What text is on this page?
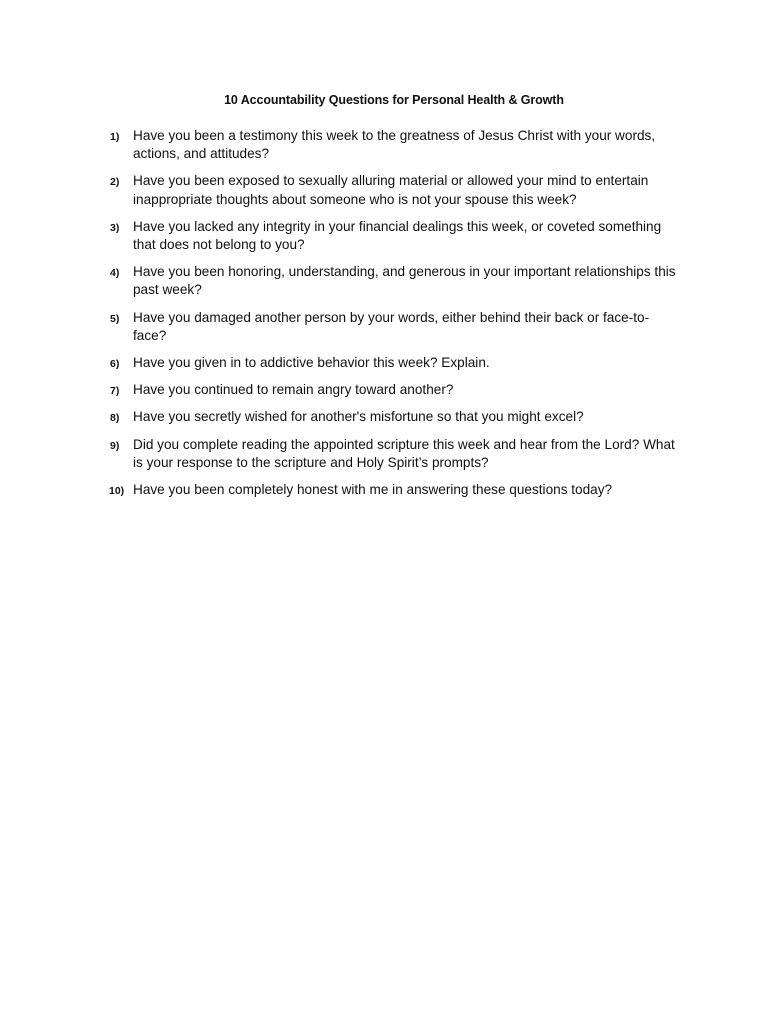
10 Accountability Questions for Personal Health & Growth
1) Have you been a testimony this week to the greatness of Jesus Christ with your words, actions, and attitudes?
2) Have you been exposed to sexually alluring material or allowed your mind to entertain inappropriate thoughts about someone who is not your spouse this week?
3) Have you lacked any integrity in your financial dealings this week, or coveted something that does not belong to you?
4) Have you been honoring, understanding, and generous in your important relationships this past week?
5) Have you damaged another person by your words, either behind their back or face-to-face?
6) Have you given in to addictive behavior this week? Explain.
7) Have you continued to remain angry toward another?
8) Have you secretly wished for another's misfortune so that you might excel?
9) Did you complete reading the appointed scripture this week and hear from the Lord? What is your response to the scripture and Holy Spirit’s prompts?
10) Have you been completely honest with me in answering these questions today?
